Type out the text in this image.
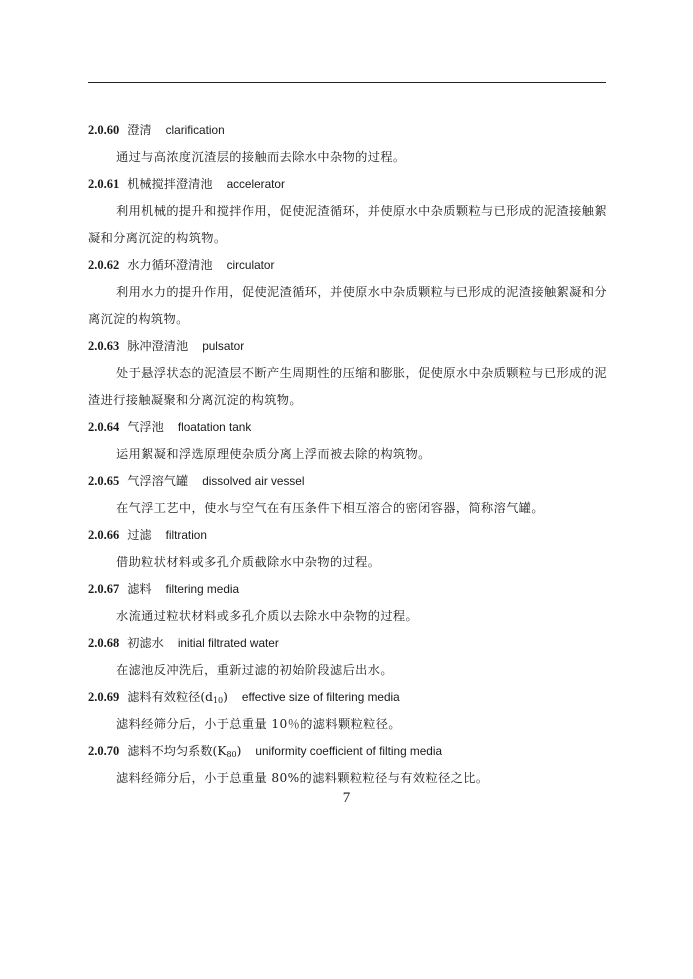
2.0.60 澄清 clarification
通过与高浓度沉渣层的接触而去除水中杂物的过程。
2.0.61 机械搅拌澄清池 accelerator
利用机械的提升和搅拌作用，促使泥渣循环，并使原水中杂质颗粒与已形成的泥渣接触絮凝和分离沉淀的构筑物。
2.0.62 水力循环澄清池 circulator
利用水力的提升作用，促使泥渣循环，并使原水中杂质颗粒与已形成的泥渣接触絮凝和分离沉淀的构筑物。
2.0.63 脉冲澄清池 pulsator
处于悬浮状态的泥渣层不断产生周期性的压缩和膨胀，促使原水中杂质颗粒与已形成的泥渣进行接触凝聚和分离沉淀的构筑物。
2.0.64 气浮池 floatation tank
运用絮凝和浮选原理使杂质分离上浮而被去除的构筑物。
2.0.65 气浮溶气罐 dissolved air vessel
在气浮工艺中，使水与空气在有压条件下相互溶合的密闭容器，简称溶气罐。
2.0.66 过滤 filtration
借助粒状材料或多孔介质截除水中杂物的过程。
2.0.67 滤料 filtering media
水流通过粒状材料或多孔介质以去除水中杂物的过程。
2.0.68 初滤水 initial filtrated water
在滤池反冲洗后，重新过滤的初始阶段滤后出水。
2.0.69 滤料有效粒径$(d_{10})$ effective size of filtering media
滤料经筛分后，小于总重量 10％的滤料颗粒粒径。
2.0.70 滤料不均匀系数$(K_{80})$ uniformity coefficient of filting media
滤料经筛分后，小于总重量 80%的滤料颗粒粒径与有效粒径之比。
7
